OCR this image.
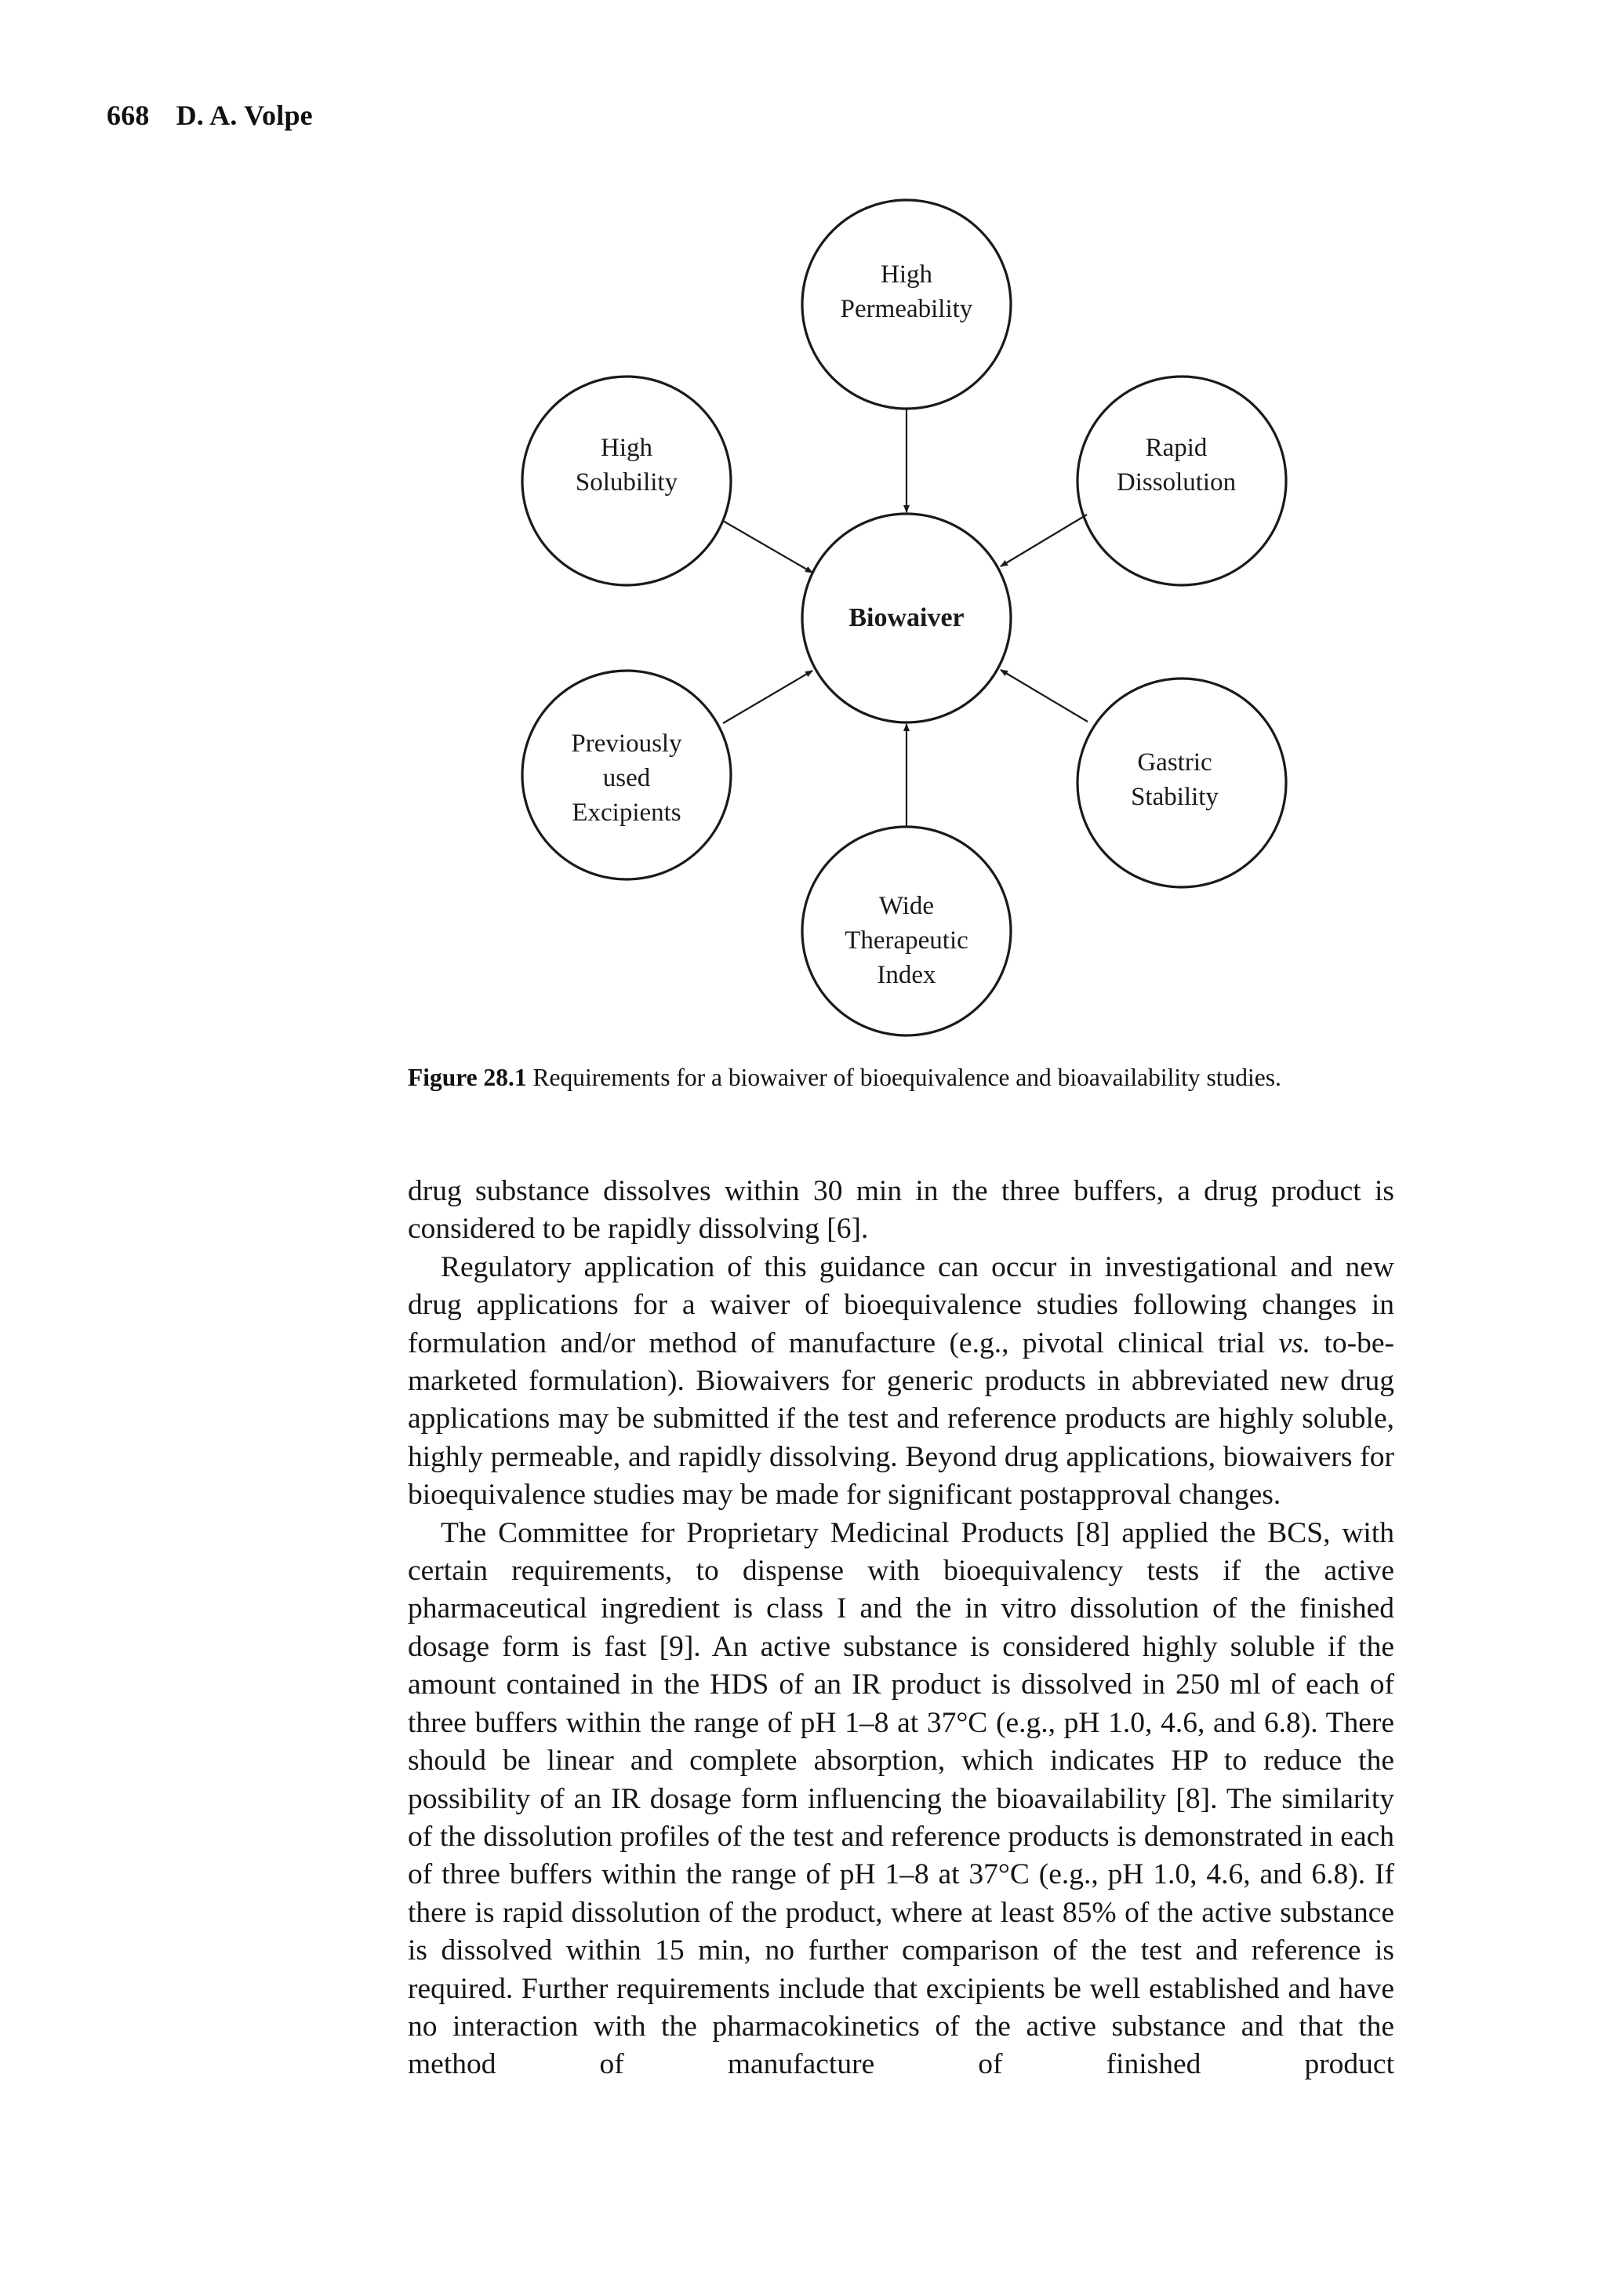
668 D. A. Volpe
Biowaiver
High
Permeability
High
Solubility
Rapid
Dissolution
Previously
used
Excipients
Gastric
Stability
Wide
Therapeutic
Index
Figure 28.1 Requirements for a biowaiver of bioequivalence and bioavailability studies.

drug substance dissolves within 30 min in the three buffers, a drug product is considered to be rapidly dissolving [6].

Regulatory application of this guidance can occur in investigational and new drug applications for a waiver of bioequivalence studies following changes in formulation and/or method of manufacture (e.g., pivotal clinical trial vs. to-be-marketed formulation). Biowaivers for generic products in abbreviated new drug applications may be submitted if the test and reference products are highly soluble, highly permeable, and rapidly dissolving. Beyond drug applications, biowaivers for bioequivalence studies may be made for significant postapproval changes.

The Committee for Proprietary Medicinal Products [8] applied the BCS, with certain requirements, to dispense with bioequivalency tests if the active pharmaceutical ingredient is class I and the in vitro dissolution of the finished dosage form is fast [9]. An active substance is considered highly soluble if the amount contained in the HDS of an IR product is dissolved in 250 ml of each of three buffers within the range of pH 1–8 at 37°C (e.g., pH 1.0, 4.6, and 6.8). There should be linear and complete absorption, which indicates HP to reduce the possibility of an IR dosage form influencing the bioavailability [8]. The similarity of the dissolution profiles of the test and reference products is demonstrated in each of three buffers within the range of pH 1–8 at 37°C (e.g., pH 1.0, 4.6, and 6.8). If there is rapid dissolution of the product, where at least 85% of the active substance is dissolved within 15 min, no further comparison of the test and reference is required. Further requirements include that excipients be well established and have no interaction with the pharmacokinetics of the active substance and that the method of manufacture of finished product
